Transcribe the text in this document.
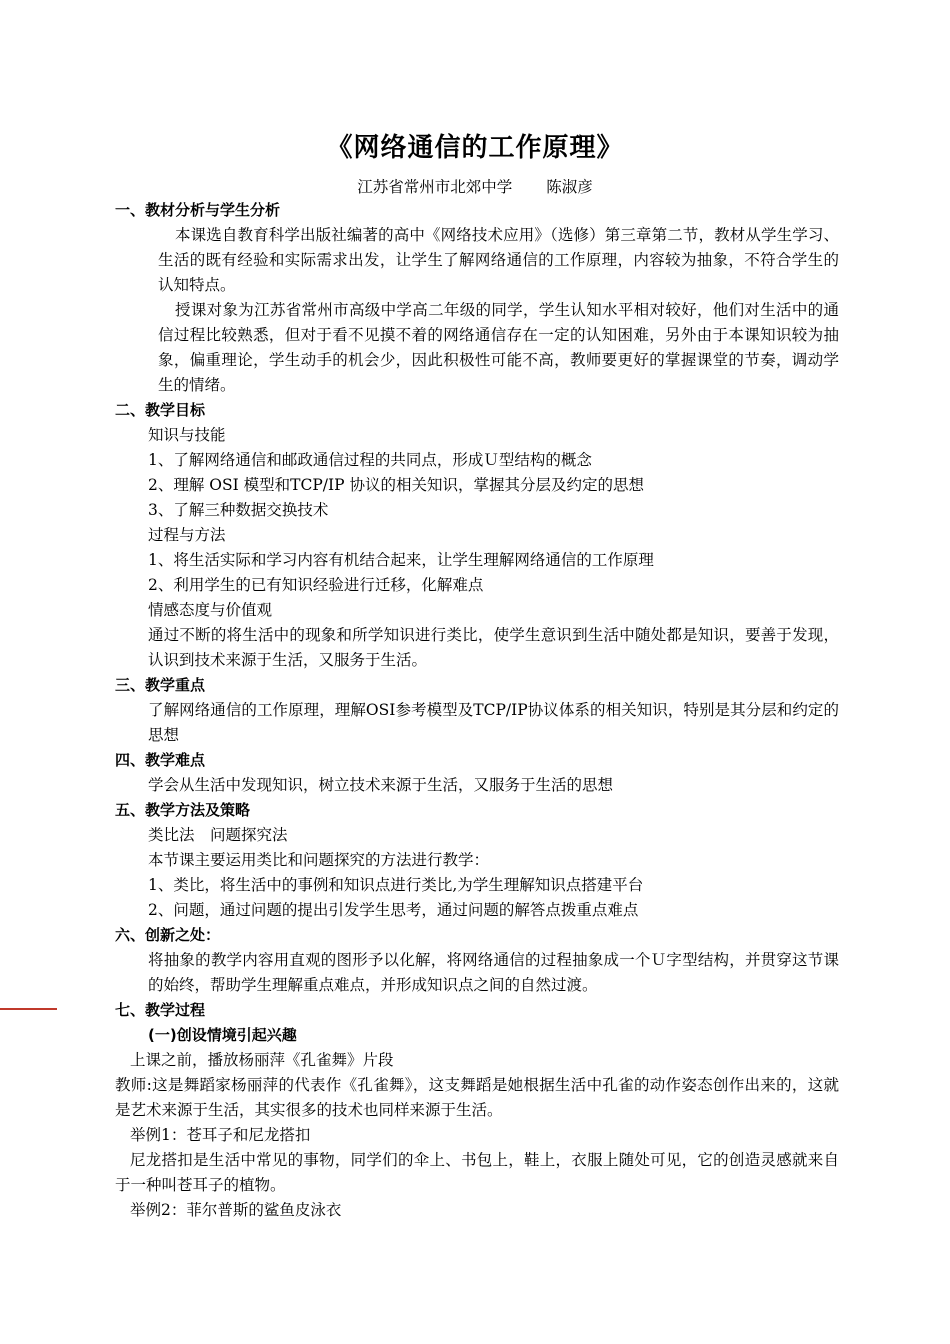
《网络通信的工作原理》
江苏省常州市北郊中学 陈淑彦
一、教材分析与学生分析
本课选自教育科学出版社编著的高中《网络技术应用》（选修）第三章第二节，教材从学生学习、生活的既有经验和实际需求出发，让学生了解网络通信的工作原理，内容较为抽象，不符合学生的认知特点。
授课对象为江苏省常州市高级中学高二年级的同学，学生认知水平相对较好，他们对生活中的通信过程比较熟悉，但对于看不见摸不着的网络通信存在一定的认知困难，另外由于本课知识较为抽象，偏重理论，学生动手的机会少，因此积极性可能不高，教师要更好的掌握课堂的节奏，调动学生的情绪。
二、教学目标
知识与技能
1、了解网络通信和邮政通信过程的共同点，形成Ｕ型结构的概念
2、理解 OSI 模型和TCP/IP 协议的相关知识，掌握其分层及约定的思想
3、了解三种数据交换技术
过程与方法
1、将生活实际和学习内容有机结合起来，让学生理解网络通信的工作原理
2、利用学生的已有知识经验进行迁移，化解难点
情感态度与价值观
通过不断的将生活中的现象和所学知识进行类比，使学生意识到生活中随处都是知识，要善于发现，认识到技术来源于生活，又服务于生活。
三、教学重点
了解网络通信的工作原理，理解OSI参考模型及TCP/IP协议体系的相关知识，特别是其分层和约定的思想
四、教学难点
学会从生活中发现知识，树立技术来源于生活，又服务于生活的思想
五、教学方法及策略
类比法　问题探究法
本节课主要运用类比和问题探究的方法进行教学：
1、类比，将生活中的事例和知识点进行类比,为学生理解知识点搭建平台
2、问题，通过问题的提出引发学生思考，通过问题的解答点拨重点难点
六、创新之处：
将抽象的教学内容用直观的图形予以化解，将网络通信的过程抽象成一个Ｕ字型结构，并贯穿这节课的始终，帮助学生理解重点难点，并形成知识点之间的自然过渡。
七、教学过程
(一)创设情境引起兴趣
上课之前，播放杨丽萍《孔雀舞》片段
教师:这是舞蹈家杨丽萍的代表作《孔雀舞》，这支舞蹈是她根据生活中孔雀的动作姿态创作出来的，这就是艺术来源于生活，其实很多的技术也同样来源于生活。
举例1：苍耳子和尼龙搭扣
尼龙搭扣是生活中常见的事物，同学们的伞上、书包上，鞋上，衣服上随处可见，它的创造灵感就来自于一种叫苍耳子的植物。
举例2：菲尔普斯的鲨鱼皮泳衣
